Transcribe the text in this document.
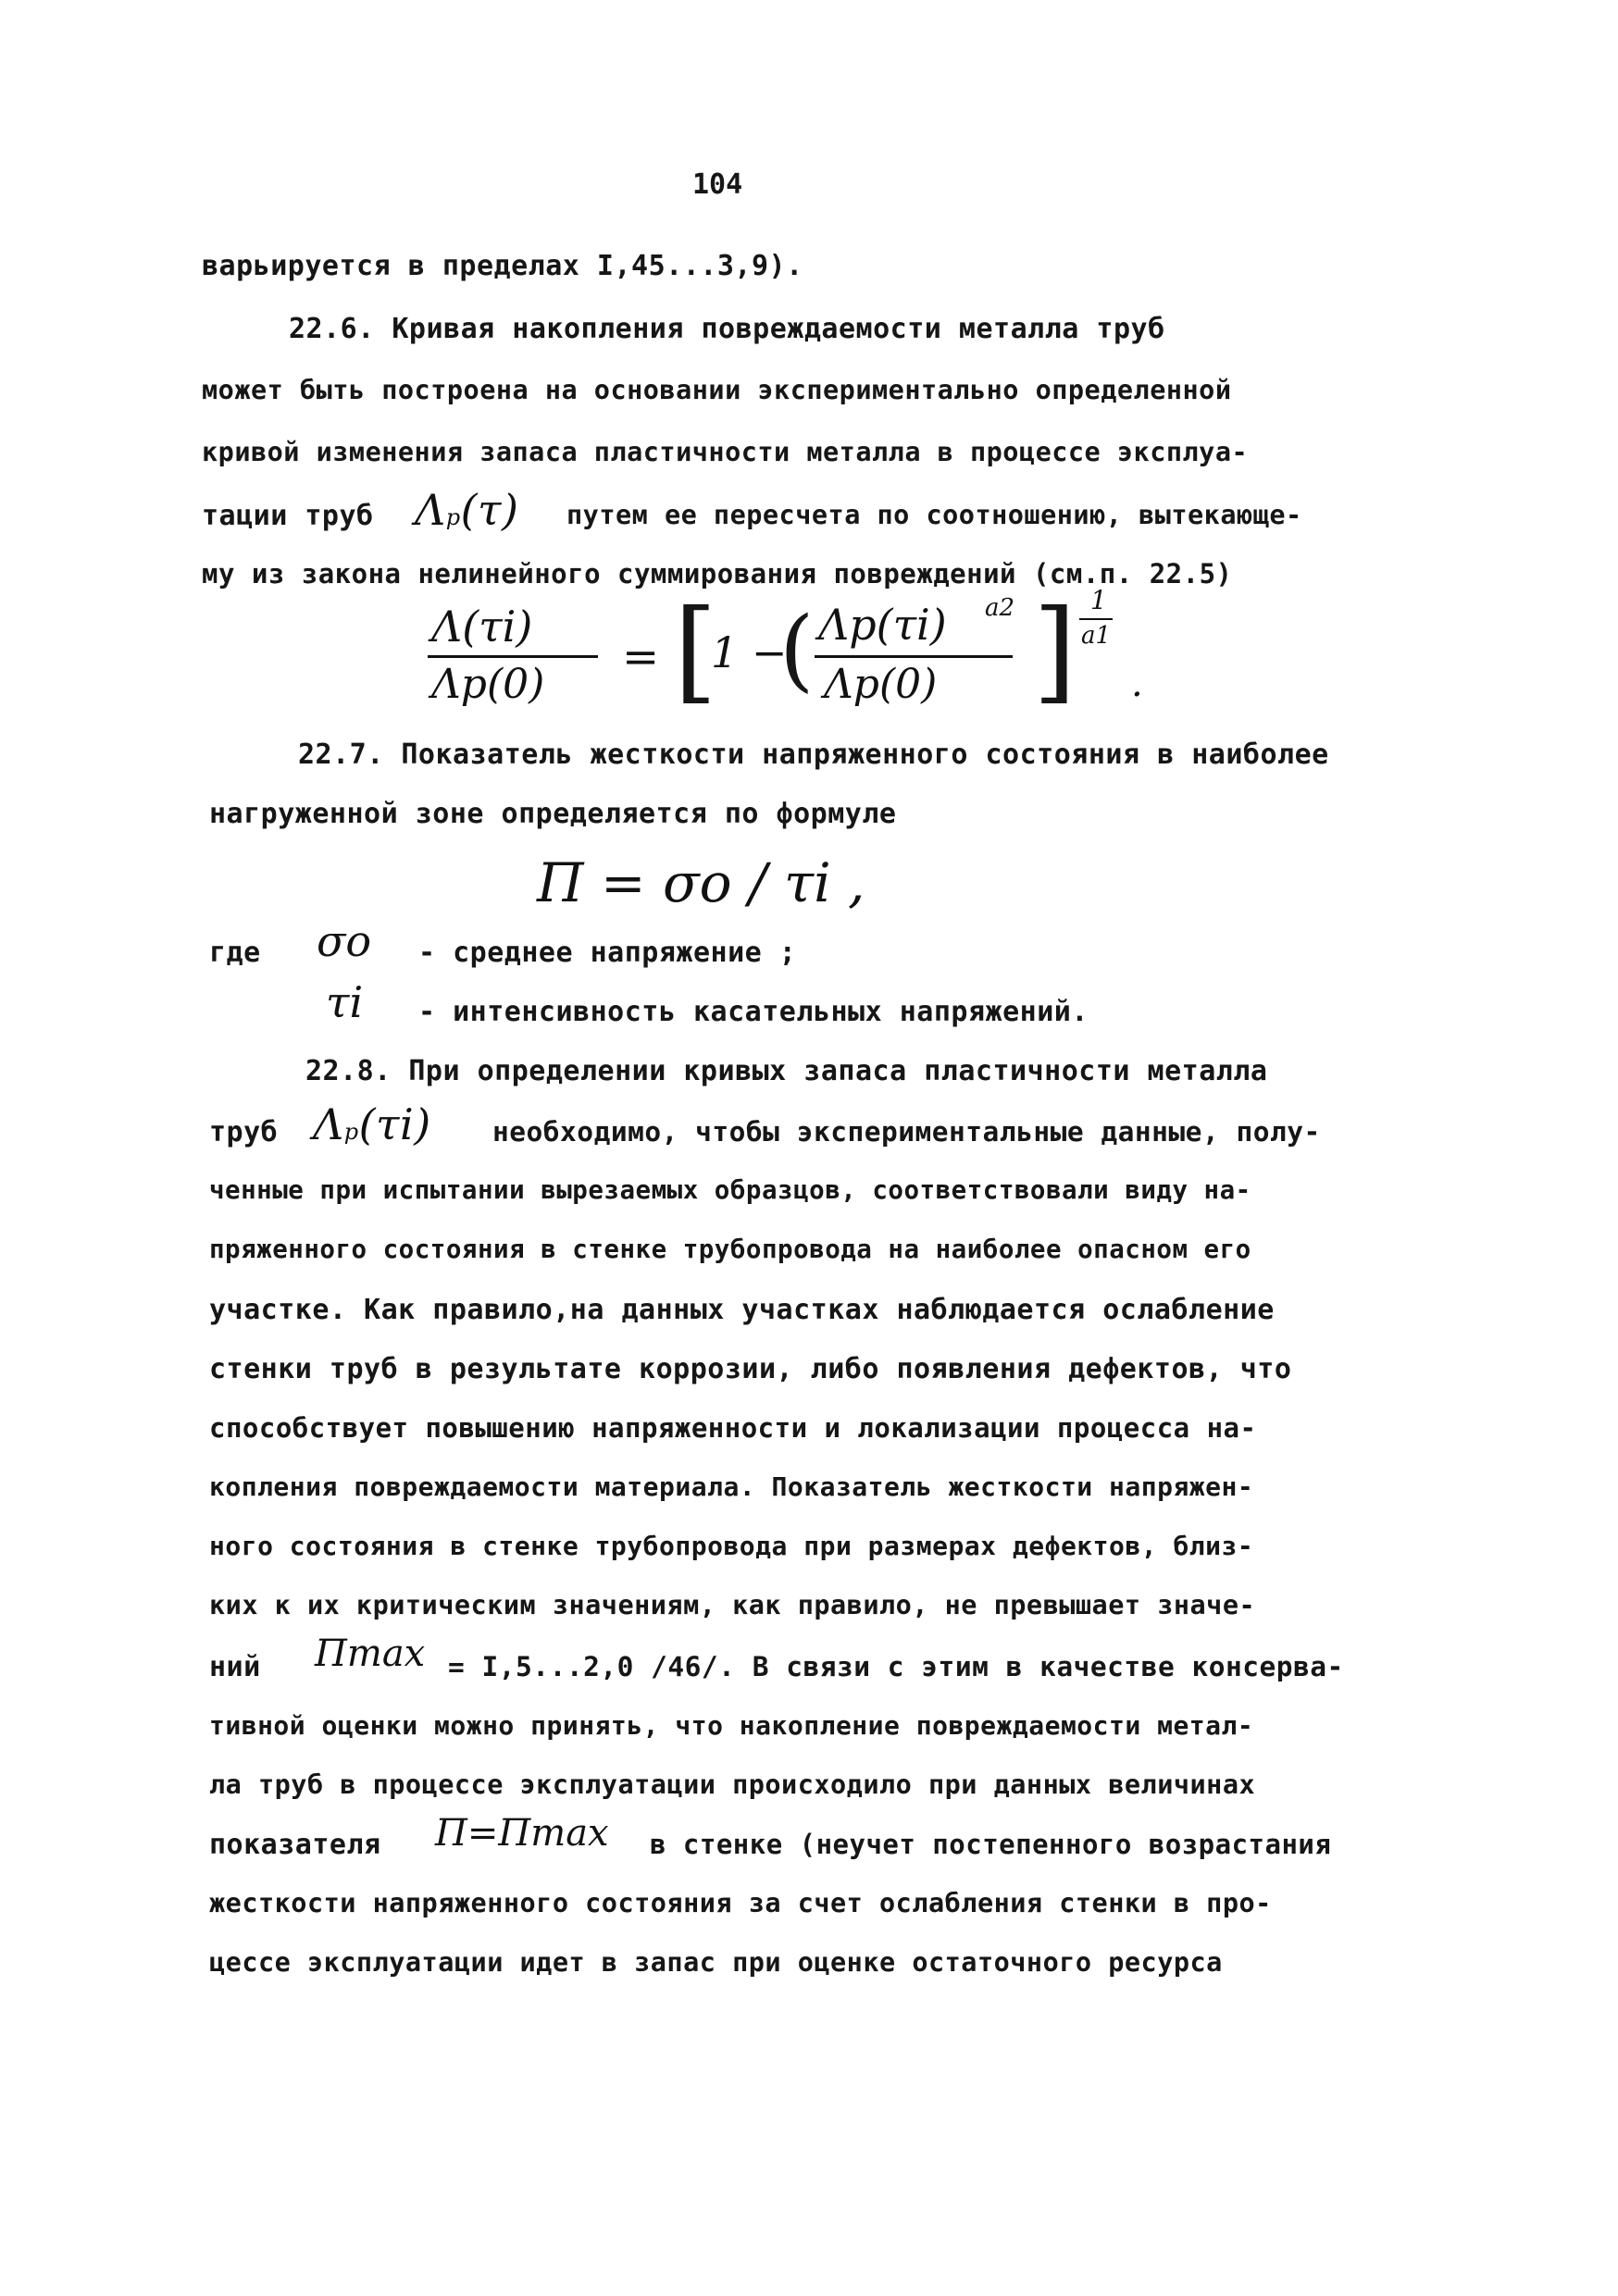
104
варьируется в пределах I,45...3,9).
22.6. Кривая накопления повреждаемости металла труб
может быть построена на основании экспериментально определенной
кривой изменения запаса пластичности металла в процессе эксплуа-
тации труб Λp(τ) путем ее пересчета по соотношению, вытекающе-
му из закона нелинейного суммирования повреждений (см.п. 22.5)
Λ(τi)
Λp(0)
= [
1 −
( Λp(τi) a2
Λp(0) ] 1
a1
.
22.7. Показатель жесткости напряженного состояния в наиболее
нагруженной зоне определяется по формуле
П = σo / τi ,
где σo - среднее напряжение ;
τi - интенсивность касательных напряжений.
22.8. При определении кривых запаса пластичности металла
труб Λp(τi) необходимо, чтобы экспериментальные данные, полу-
ченные при испытании вырезаемых образцов, соответствовали виду на-
пряженного состояния в стенке трубопровода на наиболее опасном его
участке. Как правило,на данных участках наблюдается ослабление
стенки труб в результате коррозии, либо появления дефектов, что
способствует повышению напряженности и локализации процесса на-
копления повреждаемости материала. Показатель жесткости напряжен-
ного состояния в стенке трубопровода при размерах дефектов, близ-
ких к их критическим значениям, как правило, не превышает значе-
ний Пmax = I,5...2,0 /46/. В связи с этим в качестве консерва-
тивной оценки можно принять, что накопление повреждаемости метал-
ла труб в процессе эксплуатации происходило при данных величинах
показателя П=Пmax в стенке (неучет постепенного возрастания
жесткости напряженного состояния за счет ослабления стенки в про-
цессе эксплуатации идет в запас при оценке остаточного ресурса
